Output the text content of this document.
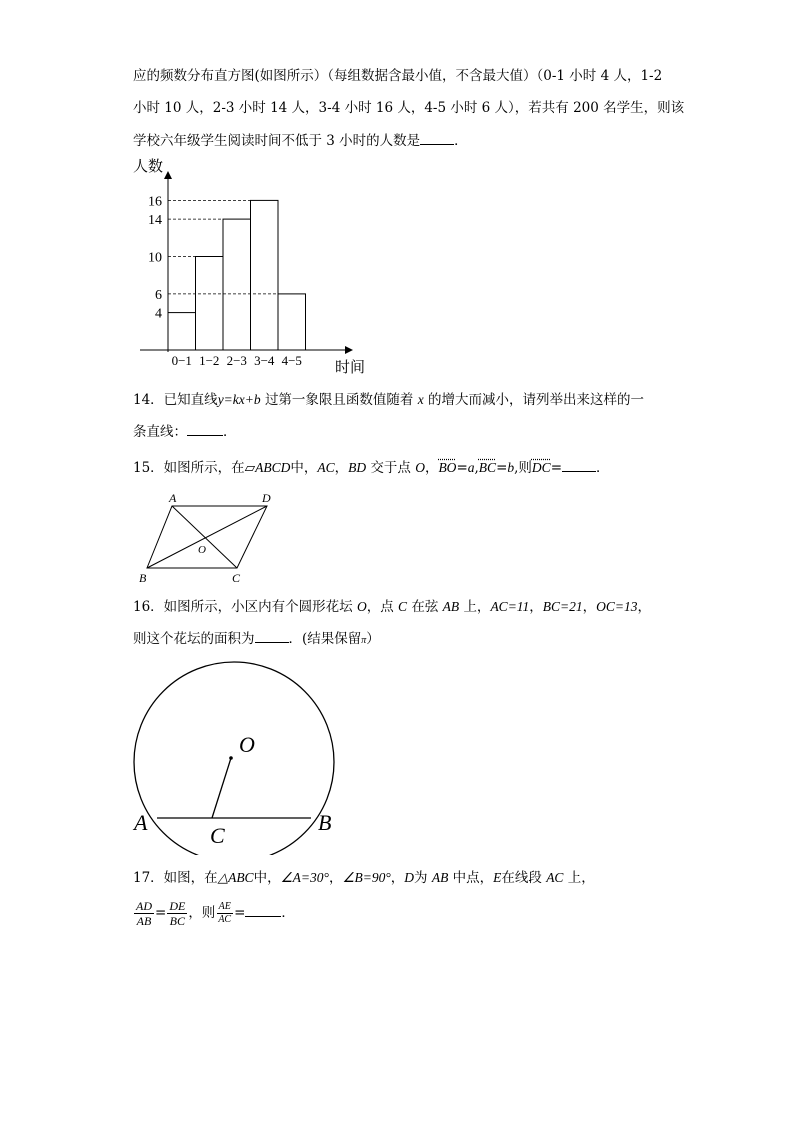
应的频数分布直方图(如图所示）（每组数据含最小值，不含最大值）（0-1 小时 4 人，1-2
小时 10 人，2-3 小时 14 人，3-4 小时 16 人，4-5 小时 6 人），若共有 200 名学生，则该
学校六年级学生阅读时间不低于 3 小时的人数是	．
人数
时间
4
6
10
14
16
0−1 1−2 2−3 3−4 4−5
14．已知直线y=kx+b 过第一象限且函数值随着 x 的增大而减小，请列举出来这样的一
条直线：	．
15．如图所示，在▱ABCD中，AC，BD 交于点 O，BO=a,BC=b,则DC=	．
A	D
B	C
O
16．如图所示，小区内有个圆形花坛 O，点 C 在弦 AB 上，AC=11，BC=21，OC=13，
则这个花坛的面积为	．(结果保留π）
O
A	B
C
17．如图，在△ABC中，∠A=30°，∠B=90°，D为 AB 中点，E在线段 AC 上，
$\frac{AD}{AB} = \frac{DE}{BC}$ ，则 $\frac{AE}{AC}$ =	．
